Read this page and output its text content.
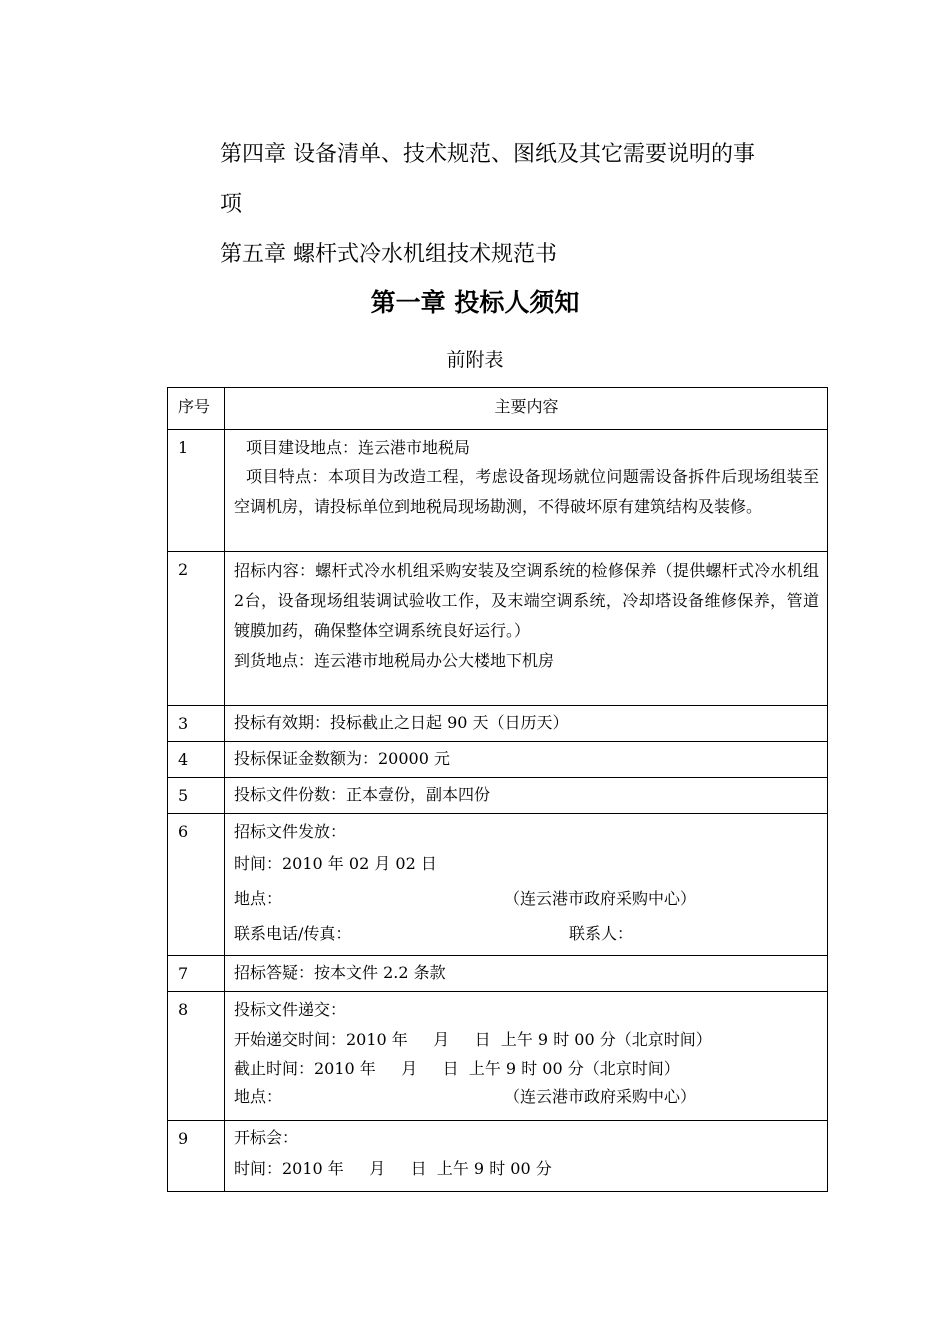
第四章 设备清单、技术规范、图纸及其它需要说明的事
项
第五章 螺杆式冷水机组技术规范书
第一章 投标人须知
前附表
序号	主要内容
1	项目建设地点：连云港市地税局
项目特点：本项目为改造工程，考虑设备现场就位问题需设备拆件后现场组装至空调机房，请投标单位到地税局现场勘测，不得破坏原有建筑结构及装修。

2	招标内容：螺杆式冷水机组采购安装及空调系统的检修保养（提供螺杆式冷水机组2台，设备现场组装调试验收工作，及末端空调系统，冷却塔设备维修保养，管道镀膜加药，确保整体空调系统良好运行。）
到货地点：连云港市地税局办公大楼地下机房

3	投标有效期：投标截止之日起 90 天（日历天）

4	投标保证金数额为：20000 元

5	投标文件份数：正本壹份，副本四份

6	招标文件发放：
时间：2010 年 02 月 02 日
地点： （连云港市政府采购中心）
联系电话/传真： 联系人：

7	招标答疑：按本文件 2.2 条款

8	投标文件递交：
开始递交时间：2010 年     月     日  上午 9 时 00 分（北京时间）
截止时间：2010 年     月     日  上午 9 时 00 分（北京时间）
地点： （连云港市政府采购中心）

9	开标会：
时间：2010 年     月     日  上午 9 时 00 分
